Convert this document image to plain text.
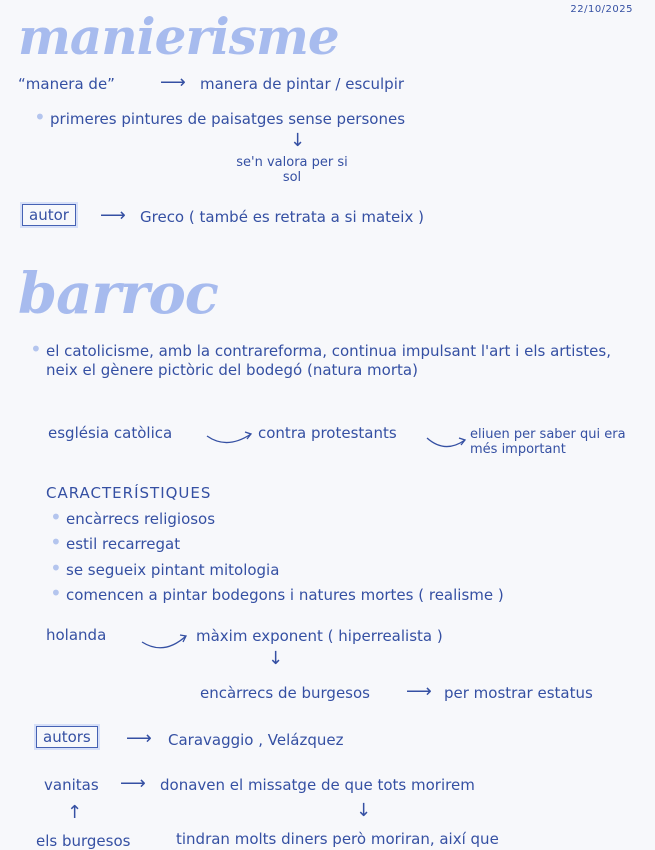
22/10/2025
manierisme
“manera de”	⟶ manera de pintar / esculpir
• primeres pintures de paisatges sense persones
↓
se'n valora per si sol
autor	⟶ Greco ( també es retrata a si mateix )
barroc
• el catolicisme, amb la contrareforma, continua impulsant l'art i els artistes, neix el gènere pictòric del bodegó (natura morta)
església catòlica	contra protestants	eliuen per saber qui era més important
CARACTERÍSTIQUES
• encàrrecs religiosos
• estil recarregat
• se segueix pintant mitologia
• comencen a pintar bodegons i natures mortes ( realisme )
holanda	màxim exponent ( hiperrealista )
↓
encàrrecs de burgesos ⟶ per mostrar estatus
autors	⟶ Caravaggio , Velázquez
vanitas ⟶ donaven el missatge de que tots morirem
↑	↓
els burgesos	tindran molts diners però moriran, així que
